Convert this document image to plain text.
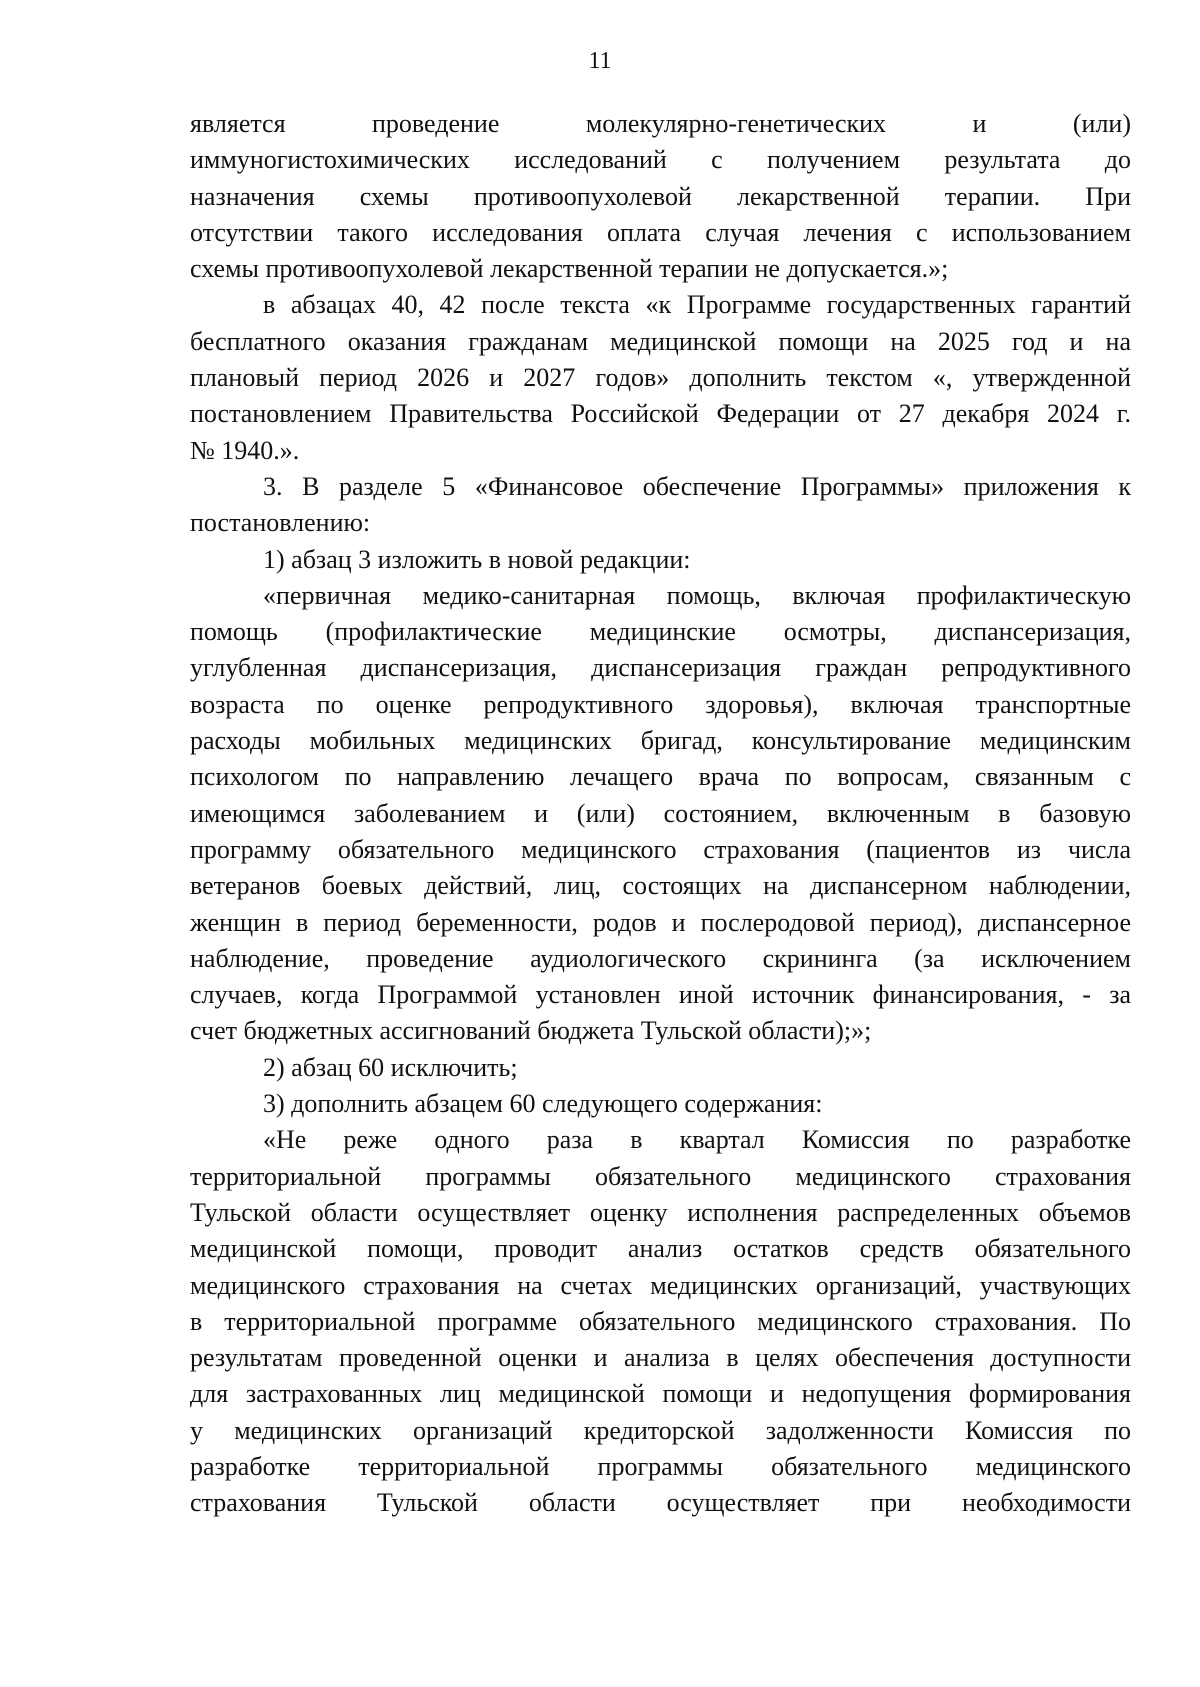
11
является проведение молекулярно-генетических и (или)
иммуногистохимических исследований с получением результата до
назначения схемы противоопухолевой лекарственной терапии. При
отсутствии такого исследования оплата случая лечения с использованием
схемы противоопухолевой лекарственной терапии не допускается.»;
в абзацах 40, 42 после текста «к Программе государственных гарантий
бесплатного оказания гражданам медицинской помощи на 2025 год и на
плановый период 2026 и 2027 годов» дополнить текстом «, утвержденной
постановлением Правительства Российской Федерации от 27 декабря 2024 г.
№ 1940.».
3. В разделе 5 «Финансовое обеспечение Программы» приложения к
постановлению:
1) абзац 3 изложить в новой редакции:
«первичная медико-санитарная помощь, включая профилактическую
помощь (профилактические медицинские осмотры, диспансеризация,
углубленная диспансеризация, диспансеризация граждан репродуктивного
возраста по оценке репродуктивного здоровья), включая транспортные
расходы мобильных медицинских бригад, консультирование медицинским
психологом по направлению лечащего врача по вопросам, связанным с
имеющимся заболеванием и (или) состоянием, включенным в базовую
программу обязательного медицинского страхования (пациентов из числа
ветеранов боевых действий, лиц, состоящих на диспансерном наблюдении,
женщин в период беременности, родов и послеродовой период), диспансерное
наблюдение, проведение аудиологического скрининга (за исключением
случаев, когда Программой установлен иной источник финансирования, - за
счет бюджетных ассигнований бюджета Тульской области);»;
2) абзац 60 исключить;
3) дополнить абзацем 60 следующего содержания:
«Не реже одного раза в квартал Комиссия по разработке
территориальной программы обязательного медицинского страхования
Тульской области осуществляет оценку исполнения распределенных объемов
медицинской помощи, проводит анализ остатков средств обязательного
медицинского страхования на счетах медицинских организаций, участвующих
в территориальной программе обязательного медицинского страхования. По
результатам проведенной оценки и анализа в целях обеспечения доступности
для застрахованных лиц медицинской помощи и недопущения формирования
у медицинских организаций кредиторской задолженности Комиссия по
разработке территориальной программы обязательного медицинского
страхования Тульской области осуществляет при необходимости
